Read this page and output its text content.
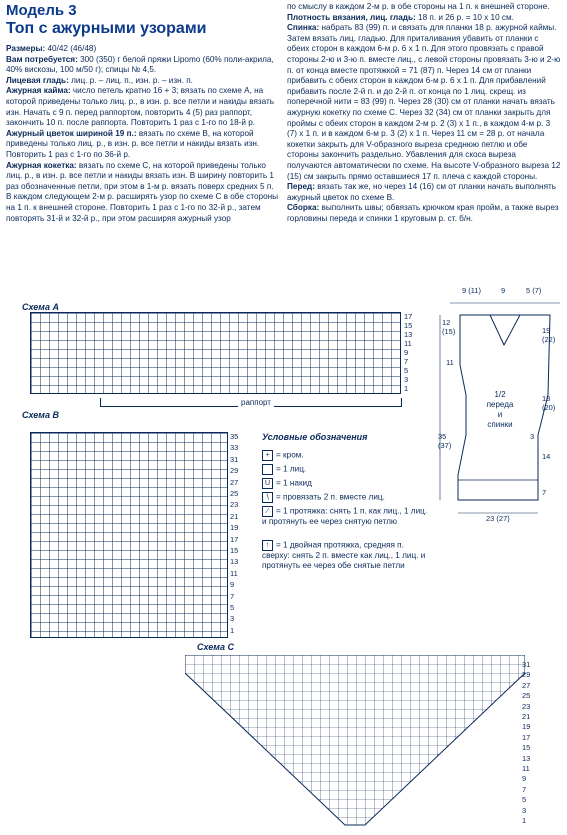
Модель 3
Топ с ажурными узорами

Размеры: 40/42 (46/48)

Вам потребуется: 300 (350) г белой пряжи Lipomo (60% поли-акрила, 40% вискозы, 100 м/50 г); спицы № 4,5.

Лицевая гладь: лиц. р. – лиц. п., изн. р. – изн. п.

Ажурная кайма: число петель кратно 16 + 3; вязать по схеме А, на которой приведены только лиц. р., в изн. р. все петли и накиды вязать изн. Начать с 9 п. перед раппортом, повторить 4 (5) раз раппорт, закончить 10 п. после раппорта. Повторить 1 раз с 1-го по 18-й р.

Ажурный цветок шириной 19 п.: вязать по схеме В, на которой приведены только лиц. р., в изн. р. все петли и накиды вязать изн. Повторить 1 раз с 1-го по 36-й р.

Ажурная кокетка: вязать по схеме С, на которой приведены только лиц. р., в изн. р. все петли и накиды вязать изн. В ширину повторить 1 раз обозначенные петли, при этом в 1-м р. вязать поверх средних 5 п. В каждом следующем 2-м р. расширять узор по схеме С в обе стороны на 1 п. к внешней стороне. Повторить 1 раз с 1-го по 32-й р., затем повторять 31-й и 32-й р., при этом расширяя ажурный узор

по смыслу в каждом 2-м р. в обе стороны на 1 п. к внешней стороне.

Плотность вязания, лиц. гладь: 18 п. и 26 р. = 10 х 10 см.

Спинка: набрать 83 (99) п. и связать для планки 18 р. ажурной каймы. Затем вязать лиц. гладью. Для приталивания убавить от планки с обеих сторон в каждом 6-м р. 6 х 1 п. Для этого провязать с правой стороны 2-ю и 3-ю п. вместе лиц., с левой стороны провязать 3-ю и 2-ю п. от конца вместе протяжкой = 71 (87) п. Через 14 см от планки прибавить с обеих сторон в каждом 6-м р. 6 х 1 п. Для прибавлений прибавить после 2-й п. и до 2-й п. от конца по 1 лиц. скрещ. из поперечной нити = 83 (99) п. Через 28 (30) см от планки начать вязать ажурную кокетку по схеме С. Через 32 (34) см от планки закрыть для проймы с обеих сторон в каждом 2-м р. 2 (3) х 1 п., в каждом 4-м р. 3 (7) х 1 п. и в каждом 6-м р. 3 (2) х 1 п. Через 11 см = 28 р. от начала кокетки закрыть для V-образного выреза среднюю петлю и обе стороны закончить раздельно. Убавления для скоса выреза получаются автоматически по схеме. На высоте V-образного выреза 12 (15) см закрыть прямо оставшиеся 17 п. плеча с каждой стороны.

Перед: вязать так же, но через 14 (16) см от планки начать выполнять ажурный цветок по схеме В.

Сборка: выполнить швы; обвязать крючком края пройм, а также вырез горловины переда и спинки 1 круговым р. ст. б/н.

Схема A
17
15
13
11
9
7
5
3
1
раппорт
Схема B
35
33
31
29
27
25
23
21
19
17
15
13
11
9
7
5
3
1
Условные обозначения
+ = кром.
= 1 лиц.
U = 1 накид
∖ = провязать 2 п. вместе лиц.
∕ = 1 протяжка: снять 1 п. как лиц., 1 лиц. и протянуть ее через снятую петлю
↑ = 1 двойная протяжка, средняя п. сверху: снять 2 п. вместе как лиц., 1 лиц. и протянуть ее через обе снятые петли
Схема C
31
29
27
25
23
21
19
17
15
13
11
9
7
5
3
1
9 (11)	9	5 (7)
12 (15)
11
35 (37)
19 (22)
18 (20)
3
14
7
1/2
переда
и
спинки
23 (27)
